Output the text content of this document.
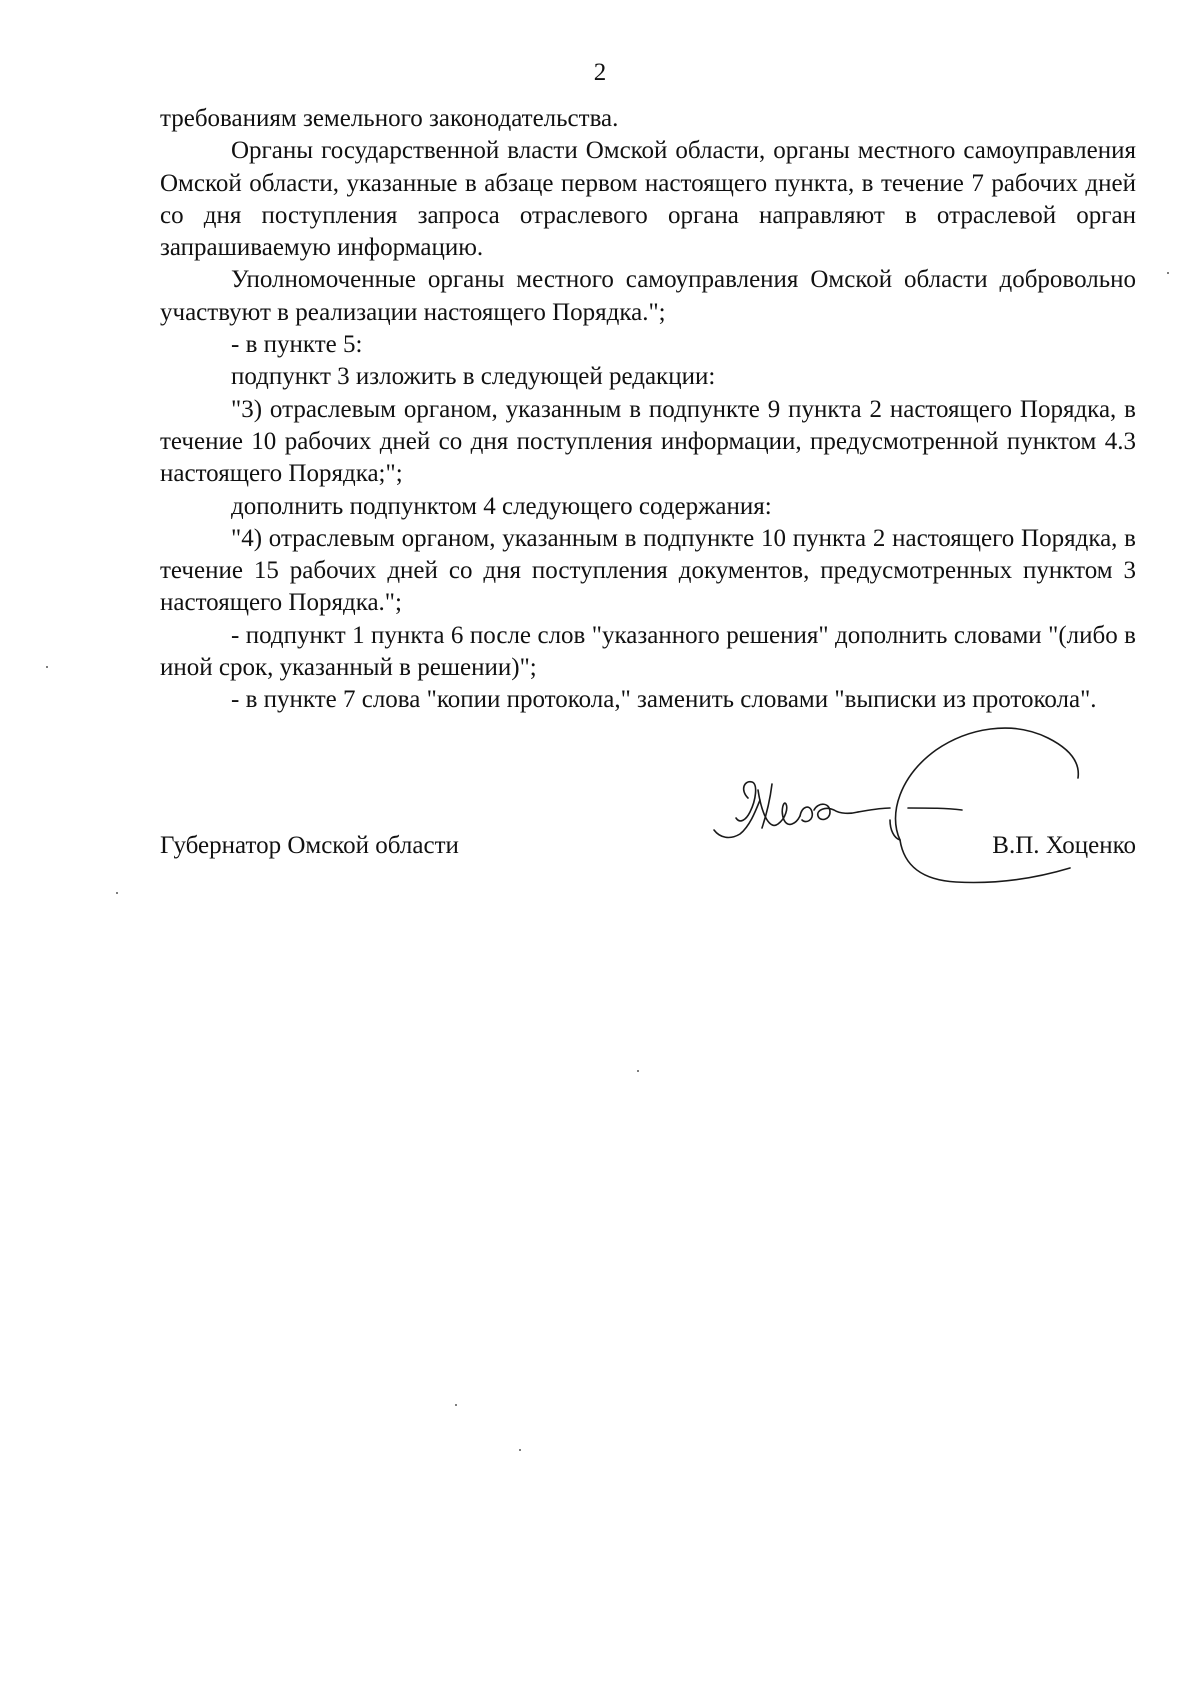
2

требованиям земельного законодательства.

Органы государственной власти Омской области, органы местного самоуправления Омской области, указанные в абзаце первом настоящего пункта, в течение 7 рабочих дней со дня поступления запроса отраслевого органа направляют в отраслевой орган запрашиваемую информацию.

Уполномоченные органы местного самоуправления Омской области добровольно участвуют в реализации настоящего Порядка.";

- в пункте 5:

подпункт 3 изложить в следующей редакции:

"3) отраслевым органом, указанным в подпункте 9 пункта 2 настоящего Порядка, в течение 10 рабочих дней со дня поступления информации, предусмотренной пунктом 4.3 настоящего Порядка;";

дополнить подпунктом 4 следующего содержания:

"4) отраслевым органом, указанным в подпункте 10 пункта 2 настоящего Порядка, в течение 15 рабочих дней со дня поступления документов, предусмотренных пунктом 3 настоящего Порядка.";

- подпункт 1 пункта 6 после слов "указанного решения" дополнить словами "(либо в иной срок, указанный в решении)";

- в пункте 7 слова "копии протокола," заменить словами "выписки из протокола".

Губернатор Омской области	В.П. Хоценко
